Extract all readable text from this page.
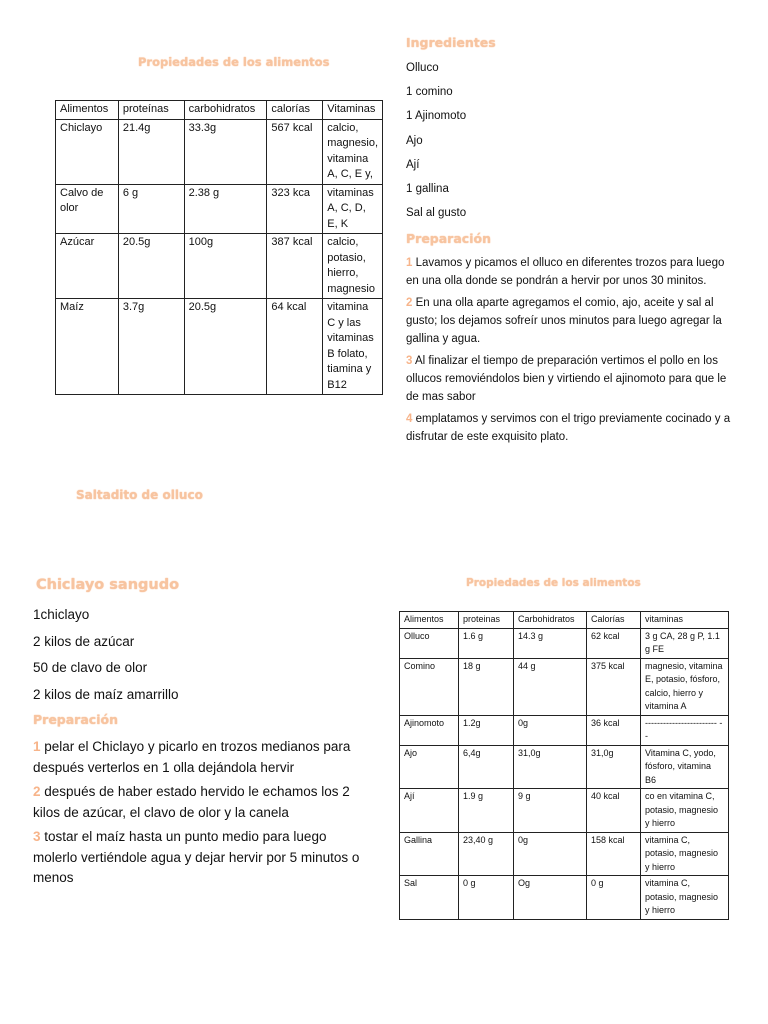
Propiedades de los alimentos
Alimentos	proteínas	carbohidratos	calorías	Vitaminas
Chiclayo	21.4g	33.3g	567 kcal	calcio, magnesio, vitamina A, C, E y,
Calvo de olor	6 g	2.38 g	323 kca	vitaminas A, C, D, E, K
Azúcar	20.5g	100g	387 kcal	calcio, potasio, hierro, magnesio
Maíz	3.7g	20.5g	64 kcal	vitamina C y las vitaminas B folato, tiamina y B12
Ingredientes
Olluco
1 comino
1 Ajinomoto
Ajo
Ají
1 gallina
Sal al gusto
Preparación
1 Lavamos y picamos el olluco en diferentes trozos para luego en una olla donde se pondrán a hervir por unos 30 minitos.
2 En una olla aparte agregamos el comio, ajo, aceite y sal al gusto; los dejamos sofreír unos minutos para luego agregar la gallina y agua.
3 Al finalizar el tiempo de preparación vertimos el pollo en los ollucos removiéndolos bien y virtiendo el ajinomoto para que le de mas sabor
4 emplatamos y servimos con el trigo previamente cocinado y a disfrutar de este exquisito plato.
Saltadito de olluco
Chiclayo sangudo
1chiclayo
2 kilos de azúcar
50 de clavo de olor
2 kilos de maíz amarrillo
Preparación
1 pelar el Chiclayo y picarlo en trozos medianos para después verterlos en 1 olla dejándola hervir
2 después de haber estado hervido le echamos los 2 kilos de azúcar, el clavo de olor y la canela
3 tostar el maíz hasta un punto medio para luego molerlo vertiéndole agua y dejar hervir por 5 minutos o menos
Propiedades de los alimentos
Alimentos	proteinas	Carbohidratos	Calorías	vitaminas
Olluco	1.6 g	14.3 g	62 kcal	3 g CA, 28 g P, 1.1 g FE
Comino	18 g	44 g	375 kcal	magnesio, vitamina E, potasio, fósforo, calcio, hierro y vitamina A
Ajinomoto	1.2g	0g	36 kcal	------------------------ --
Ajo	6,4g	31,0g	31,0g	Vitamina C, yodo, fósforo, vitamina B6
Ají	1.9 g	9 g	40 kcal	co en vitamina C, potasio, magnesio y hierro
Gallina	23,40 g	0g	158 kcal	vitamina C, potasio, magnesio y hierro
Sal	0 g	Og	0 g	vitamina C, potasio, magnesio y hierro
